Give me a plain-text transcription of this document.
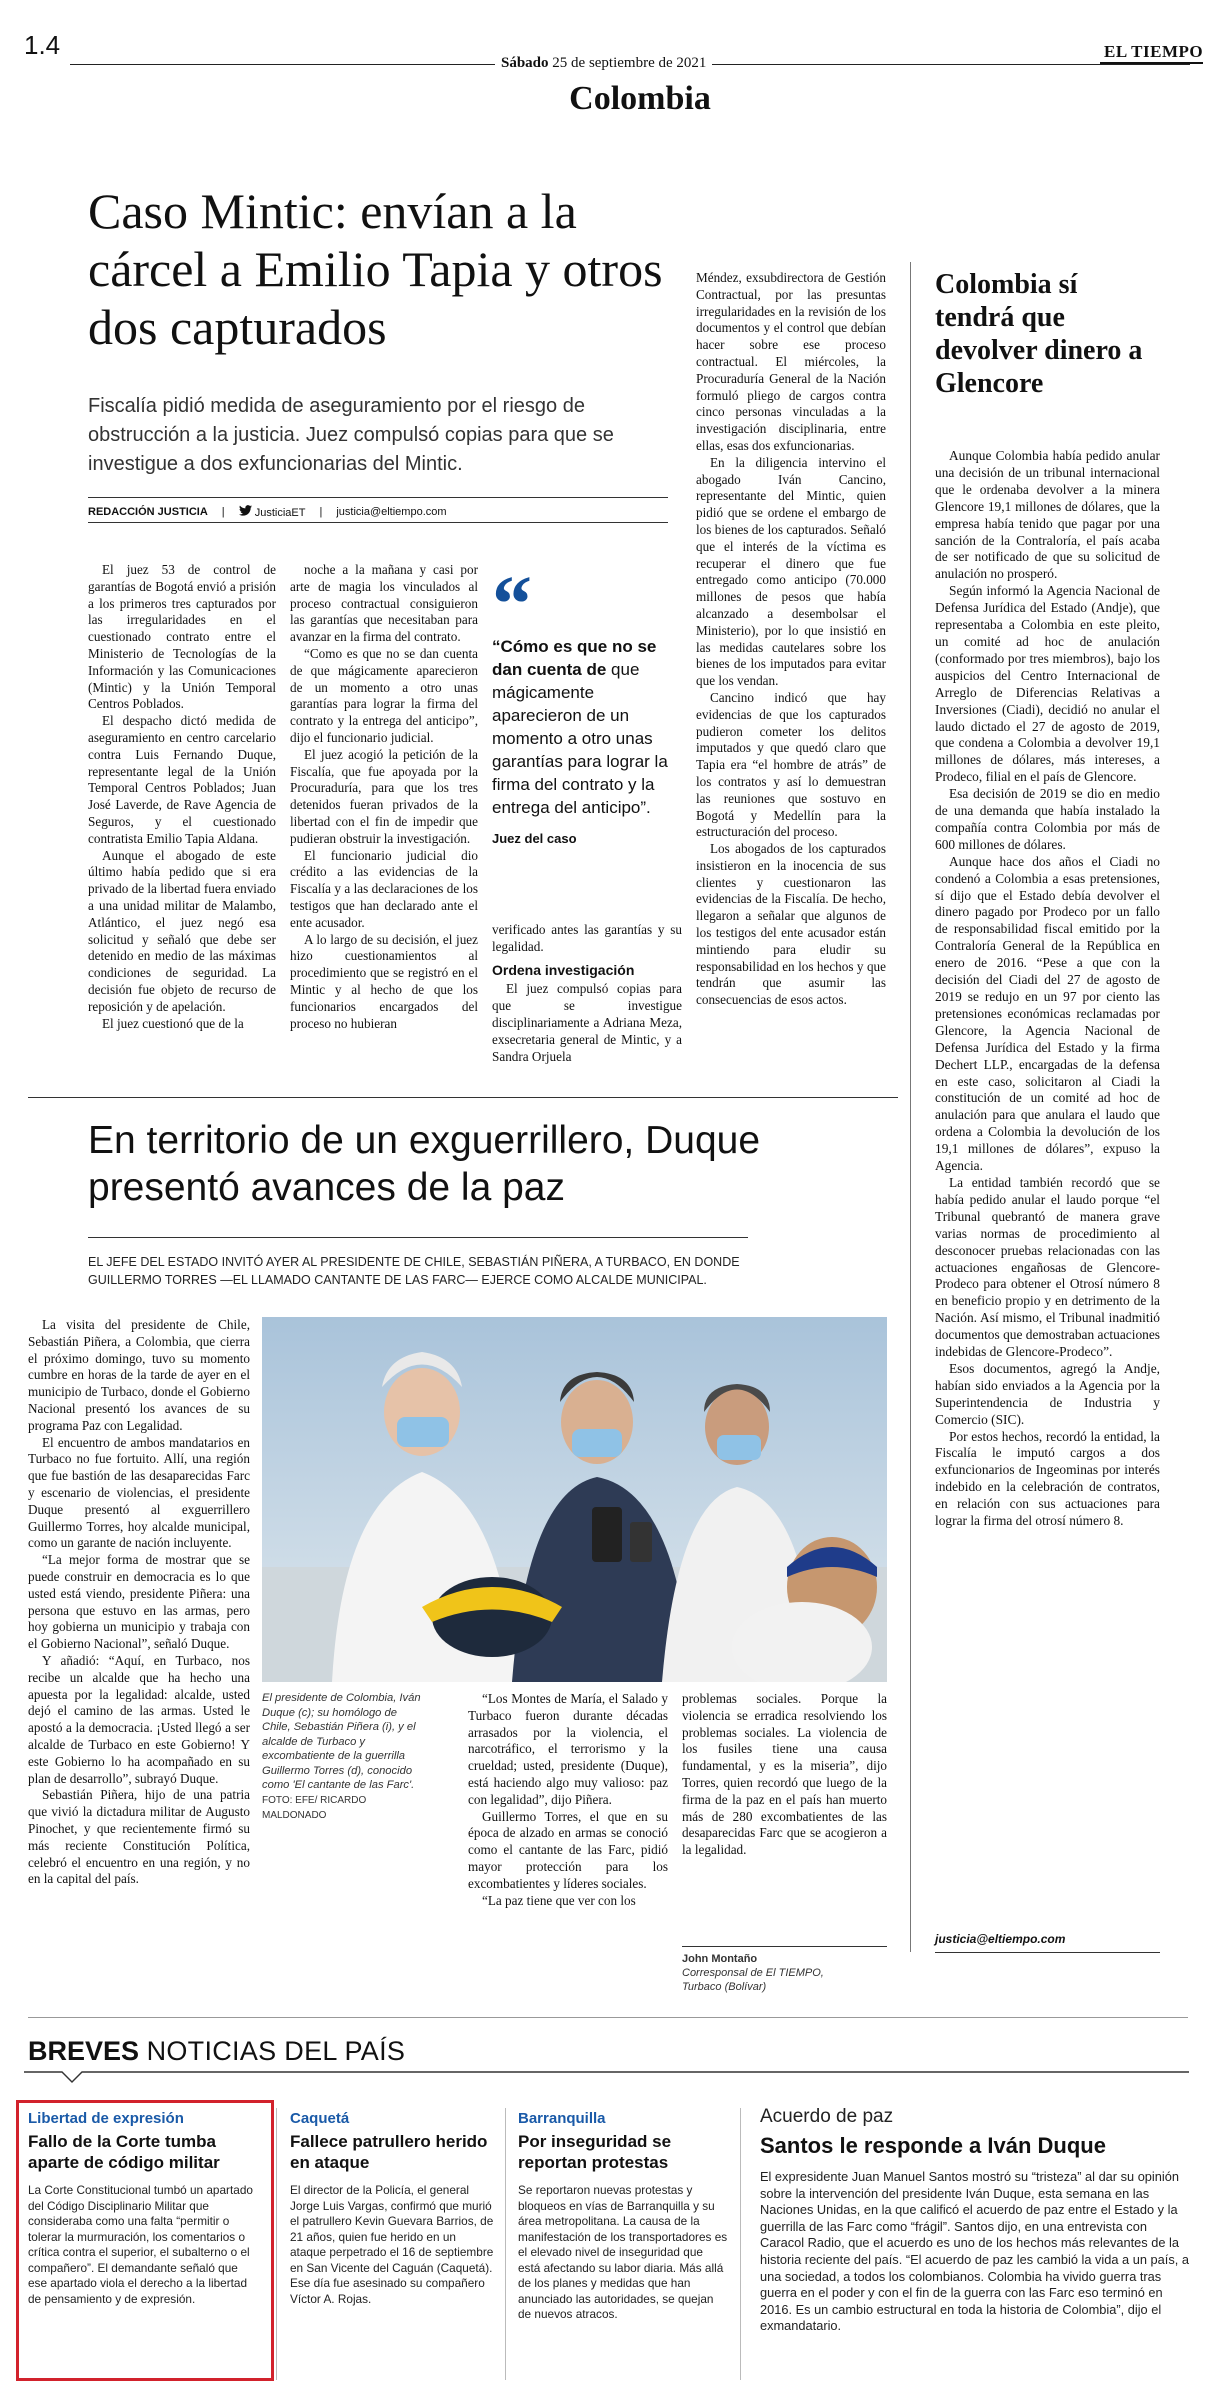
1.4
Sábado 25 de septiembre de 2021
EL TIEMPO
Colombia
Caso Mintic: envían a la cárcel a Emilio Tapia y otros dos capturados
Fiscalía pidió medida de aseguramiento por el riesgo de obstrucción a la justicia. Juez compulsó copias para que se investigue a dos exfuncionarias del Mintic.
REDACCIÓN JUSTICIA |	JusticiaET | justicia@eltiempo.com

El juez 53 de control de garantías de Bogotá envió a prisión a los primeros tres capturados por las irregularidades en el cuestionado contrato entre el Ministerio de Tecnologías de la Información y las Comunicaciones (Mintic) y la Unión Temporal Centros Poblados.

El despacho dictó medida de aseguramiento en centro carcelario contra Luis Fernando Duque, representante legal de la Unión Temporal Centros Poblados; Juan José Laverde, de Rave Agencia de Seguros, y el cuestionado contratista Emilio Tapia Aldana.

Aunque el abogado de este último había pedido que si era privado de la libertad fuera enviado a una unidad militar de Malambo, Atlántico, el juez negó esa solicitud y señaló que debe ser detenido en medio de las máximas condiciones de seguridad. La decisión fue objeto de recurso de reposición y de apelación.

El juez cuestionó que de la

noche a la mañana y casi por arte de magia los vinculados al proceso contractual consiguieron las garantías que necesitaban para avanzar en la firma del contrato.

“Como es que no se dan cuenta de que mágicamente aparecieron de un momento a otro unas garantías para lograr la firma del contrato y la entrega del anticipo”, dijo el funcionario judicial.

El juez acogió la petición de la Fiscalía, que fue apoyada por la Procuraduría, para que los tres detenidos fueran privados de la libertad con el fin de impedir que pudieran obstruir la investigación.

El funcionario judicial dio crédito a las evidencias de la Fiscalía y a las declaraciones de los testigos que han declarado ante el ente acusador.

A lo largo de su decisión, el juez hizo cuestionamientos al procedimiento que se registró en el Mintic y al hecho de que los funcionarios encargados del proceso no hubieran

“
“Cómo es que no se dan cuenta de que mágicamente aparecieron de un momento a otro unas garantías para lograr la firma del contrato y la entrega del anticipo”.
Juez del caso

verificado antes las garantías y su legalidad.

Ordena investigación

El juez compulsó copias para que se investigue disciplinariamente a Adriana Meza, exsecretaria general de Mintic, y a Sandra Orjuela

Méndez, exsubdirectora de Gestión Contractual, por las presuntas irregularidades en la revisión de los documentos y el control que debían hacer sobre ese proceso contractual. El miércoles, la Procuraduría General de la Nación formuló pliego de cargos contra cinco personas vinculadas a la investigación disciplinaria, entre ellas, esas dos exfuncionarias.

En la diligencia intervino el abogado Iván Cancino, representante del Mintic, quien pidió que se ordene el embargo de los bienes de los capturados. Señaló que el interés de la víctima es recuperar el dinero que fue entregado como anticipo (70.000 millones de pesos que había alcanzado a desembolsar el Ministerio), por lo que insistió en las medidas cautelares sobre los bienes de los imputados para evitar que los vendan.

Cancino indicó que hay evidencias de que los capturados pudieron cometer los delitos imputados y que quedó claro que Tapia era “el hombre de atrás” de los contratos y así lo demuestran las reuniones que sostuvo en Bogotá y Medellín para la estructuración del proceso.

Los abogados de los capturados insistieron en la inocencia de sus clientes y cuestionaron las evidencias de la Fiscalía. De hecho, llegaron a señalar que algunos de los testigos del ente acusador están mintiendo para eludir su responsabilidad en los hechos y que tendrán que asumir las consecuencias de esos actos.

Colombia sí tendrá que devolver dinero a Glencore

Aunque Colombia había pedido anular una decisión de un tribunal internacional que le ordenaba devolver a la minera Glencore 19,1 millones de dólares, que la empresa había tenido que pagar por una sanción de la Contraloría, el país acaba de ser notificado de que su solicitud de anulación no prosperó.

Según informó la Agencia Nacional de Defensa Jurídica del Estado (Andje), que representaba a Colombia en este pleito, un comité ad hoc de anulación (conformado por tres miembros), bajo los auspicios del Centro Internacional de Arreglo de Diferencias Relativas a Inversiones (Ciadi), decidió no anular el laudo dictado el 27 de agosto de 2019, que condena a Colombia a devolver 19,1 millones de dólares, más intereses, a Prodeco, filial en el país de Glencore.

Esa decisión de 2019 se dio en medio de una demanda que había instalado la compañía contra Colombia por más de 600 millones de dólares.

Aunque hace dos años el Ciadi no condenó a Colombia a esas pretensiones, sí dijo que el Estado debía devolver el dinero pagado por Prodeco por un fallo de responsabilidad fiscal emitido por la Contraloría General de la República en enero de 2016. “Pese a que con la decisión del Ciadi del 27 de agosto de 2019 se redujo en un 97 por ciento las pretensiones económicas reclamadas por Glencore, la Agencia Nacional de Defensa Jurídica del Estado y la firma Dechert LLP., encargadas de la defensa en este caso, solicitaron al Ciadi la constitución de un comité ad hoc de anulación para que anulara el laudo que ordena a Colombia la devolución de los 19,1 millones de dólares”, expuso la Agencia.

La entidad también recordó que se había pedido anular el laudo porque “el Tribunal quebrantó de manera grave varias normas de procedimiento al desconocer pruebas relacionadas con las actuaciones engañosas de Glencore-Prodeco para obtener el Otrosí número 8 en beneficio propio y en detrimento de la Nación. Así mismo, el Tribunal inadmitió documentos que demostraban actuaciones indebidas de Glencore-Prodeco”.

Esos documentos, agregó la Andje, habían sido enviados a la Agencia por la Superintendencia de Industria y Comercio (SIC).

Por estos hechos, recordó la entidad, la Fiscalía le imputó cargos a dos exfuncionarios de Ingeominas por interés indebido en la celebración de contratos, en relación con sus actuaciones para lograr la firma del otrosí número 8.

justicia@eltiempo.com
En territorio de un exguerrillero, Duque presentó avances de la paz
EL JEFE DEL ESTADO INVITÓ AYER AL PRESIDENTE DE CHILE, SEBASTIÁN PIÑERA, A TURBACO, EN DONDE GUILLERMO TORRES —EL LLAMADO CANTANTE DE LAS FARC— EJERCE COMO ALCALDE MUNICIPAL.

La visita del presidente de Chile, Sebastián Piñera, a Colombia, que cierra el próximo domingo, tuvo su momento cumbre en horas de la tarde de ayer en el municipio de Turbaco, donde el Gobierno Nacional presentó los avances de su programa Paz con Legalidad.

El encuentro de ambos mandatarios en Turbaco no fue fortuito. Allí, una región que fue bastión de las desaparecidas Farc y escenario de violencias, el presidente Duque presentó al exguerrillero Guillermo Torres, hoy alcalde municipal, como un garante de nación incluyente.

“La mejor forma de mostrar que se puede construir en democracia es lo que usted está viendo, presidente Piñera: una persona que estuvo en las armas, pero hoy gobierna un municipio y trabaja con el Gobierno Nacional”, señaló Duque.

Y añadió: “Aquí, en Turbaco, nos recibe un alcalde que ha hecho una apuesta por la legalidad: alcalde, usted dejó el camino de las armas. Usted le apostó a la democracia. ¡Usted llegó a ser alcalde de Turbaco en este Gobierno! Y este Gobierno lo ha acompañado en su plan de desarrollo”, subrayó Duque.

Sebastián Piñera, hijo de una patria que vivió la dictadura militar de Augusto Pinochet, y que recientemente firmó su más reciente Constitución Política, celebró el encuentro en una región, y no en la capital del país.

El presidente de Colombia, Iván Duque (c); su homólogo de Chile, Sebastián Piñera (i), y el alcalde de Turbaco y excombatiente de la guerrilla Guillermo Torres (d), conocido como 'El cantante de las Farc'. FOTO: EFE/ RICARDO MALDONADO

“Los Montes de María, el Salado y Turbaco fueron durante décadas arrasados por la violencia, el narcotráfico, el terrorismo y la crueldad; usted, presidente (Duque), está haciendo algo muy valioso: paz con legalidad”, dijo Piñera.

Guillermo Torres, el que en su época de alzado en armas se conoció como el cantante de las Farc, pidió mayor protección para los excombatientes y líderes sociales.

“La paz tiene que ver con los

problemas sociales. Porque la violencia se erradica resolviendo los problemas sociales. La violencia de los fusiles tiene una causa fundamental, y es la miseria”, dijo Torres, quien recordó que luego de la firma de la paz en el país han muerto más de 280 excombatientes de las desaparecidas Farc que se acogieron a la legalidad.

John Montaño
Corresponsal de El TIEMPO,
Turbaco (Bolívar)
BREVES NOTICIAS DEL PAÍS
Libertad de expresión
Fallo de la Corte tumba aparte de código militar
La Corte Constitucional tumbó un apartado del Código Disciplinario Militar que consideraba como una falta “permitir o tolerar la murmuración, los comentarios o crítica contra el superior, el subalterno o el compañero”. El demandante señaló que ese apartado viola el derecho a la libertad de pensamiento y de expresión.
Caquetá
Fallece patrullero herido en ataque
El director de la Policía, el general Jorge Luis Vargas, confirmó que murió el patrullero Kevin Guevara Barrios, de 21 años, quien fue herido en un ataque perpetrado el 16 de septiembre en San Vicente del Caguán (Caquetá). Ese día fue asesinado su compañero Víctor A. Rojas.
Barranquilla
Por inseguridad se reportan protestas
Se reportaron nuevas protestas y bloqueos en vías de Barranquilla y su área metropolitana. La causa de la manifestación de los transportadores es el elevado nivel de inseguridad que está afectando su labor diaria. Más allá de los planes y medidas que han anunciado las autoridades, se quejan de nuevos atracos.
Acuerdo de paz
Santos le responde a Iván Duque
El expresidente Juan Manuel Santos mostró su “tristeza” al dar su opinión sobre la intervención del presidente Iván Duque, esta semana en las Naciones Unidas, en la que calificó el acuerdo de paz entre el Estado y la guerrilla de las Farc como “frágil”. Santos dijo, en una entrevista con Caracol Radio, que el acuerdo es uno de los hechos más relevantes de la historia reciente del país. “El acuerdo de paz les cambió la vida a un país, a una sociedad, a todos los colombianos. Colombia ha vivido guerra tras guerra en el poder y con el fin de la guerra con las Farc eso terminó en 2016. Es un cambio estructural en toda la historia de Colombia”, dijo el exmandatario.
